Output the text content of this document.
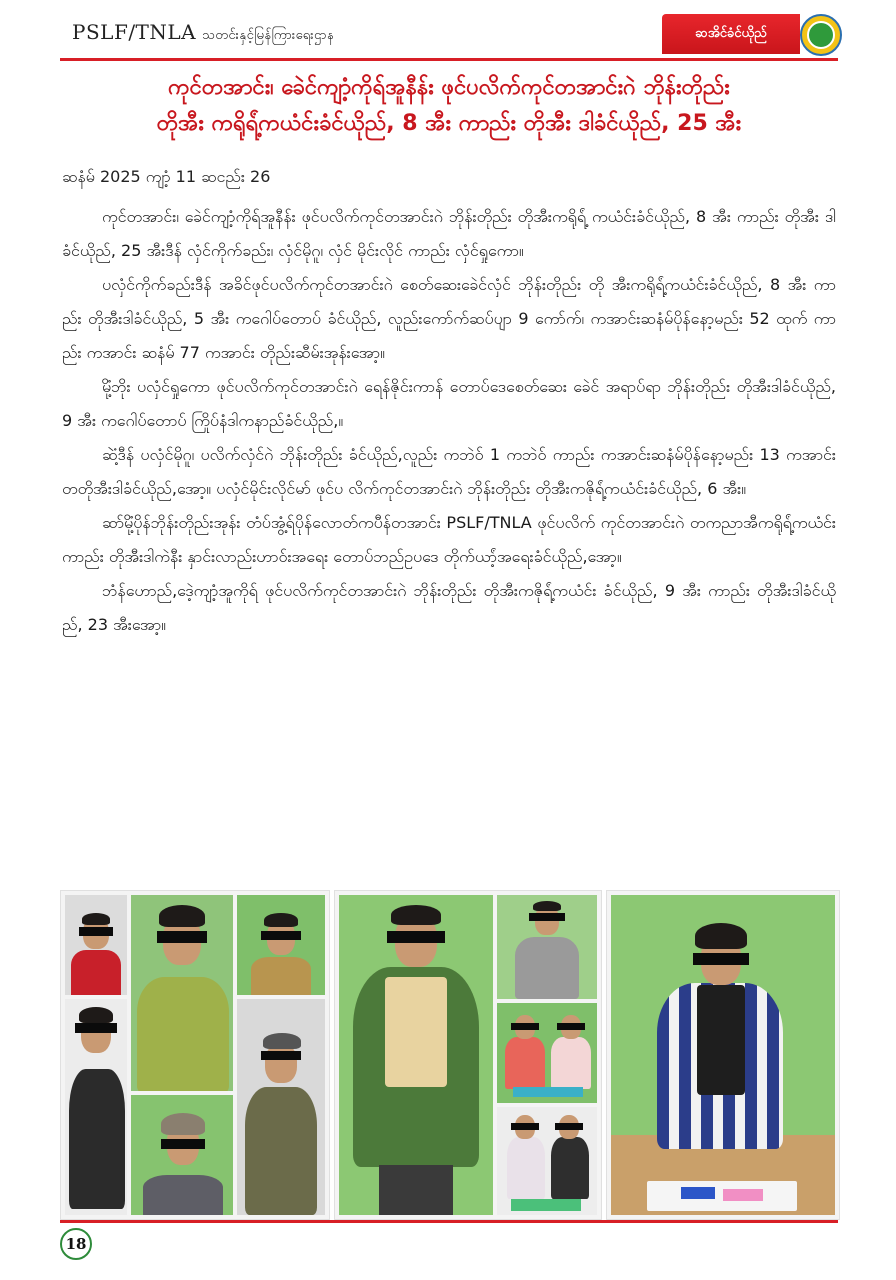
PSLF/TNLA သတင်းနှင့်မြန်ကြားရေးဌာန	ဆအိင်ခံင်ယိုည်
ကုင်တအာင်း၊ ခေဲင်ကျာံ့ကိုရ်အူနီန်း ဖုင်ပလိက်ကုင်တအာင်းဂဲ ဘိုန်းတိုည်း
တိုအီး ကရိုရ်ံ့ကယံင်းခံင်ယိုည်, 8 အီး ကာည်း တိုအီး ဒါခံင်ယိုည်, 25 အီး
ဆနံမ် 2025 ကျာံ့ 11 ဆင​ည်း 26

ကုင်တအာင်း၊ ခေဲင်ကျာံ့ကိုရ်အူနီန်း ဖုင်ပလိက်ကုင်တအာင်းဂဲ ဘိုန်းတိုည်း တိုအီးကရိုရ်ံ့ ကယံင်းခံင်ယိုည်, 8 အီး ကာည်း တိုအီး ဒါခံင်ယိုည်, 25 အီးဒီန် လှံင်ကိုက်ခည်း၊ လှံင်မိုဂူ၊ လှံင် မိုင်းလိုင် ကာည်း လှံင်ရှုကော။

ပလှံင်ကိုက်ခည်းဒီန် အခိင်ဖုင်ပလိက်ကုင်တအာင်းဂဲ စေတ်ဆေးခေဲင်လှံင် ဘိုန်းတိုည်း တို အီးကရိုရ်ံ့ကယံင်းခံင်ယိုည်, 8 အီး ကာည်း တိုအီးဒါခံင်ယိုည်, 5 အီး ကဂေါပ်တောပ် ခံင်ယိုည်, လူည်းကော်က်ဆပ်ပျာ 9 ကော်က်၊ ကအာင်းဆနံမ်ပိုန်နော့မည်း 52 ထုက် ကာည်း ကအာင်း ဆနံမ် 77 ကအာင်း တိုည်းဆီမ်းအုန်းအော့။

မိုံ့ဘိုး ပလှံင်ရှုကော ဖုင်ပလိက်ကုင်တအာင်းဂဲ ရေန်ဇိုင်းကာန် တောပ်ဒေစေတ်ဆေး ခေဲင် အရာပ်ရာ ဘိုန်းတိုည်း တိုအီးဒါခံင်ယိုည်, 9 အီး ကဂေါပ်တောပ် ကြိုပ်နံဒါကနာည်ခံင်ယိုည်,။

ဆဲံ့ဒီန် ပလှံင်မိုဂူ၊ ပလိက်လှံင်ဂဲ ဘိုန်းတိုည်း ခံင်ယိုည်,လူည်း ကဘဲဝ် 1 ကဘဲဝ် ကာည်း ကအာင်းဆနံမ်ပိုန်နော့မည်း 13 ကအာင်း တတိုအီးဒါခံင်ယိုည်,အော့။ ပလှံင်မိုင်းလိုင်မာ် ဖုင်ပ လိက်ကုင်တအာင်းဂဲ ဘိုန်းတိုည်း တိုအီးကဇိုရ်ံ့ကယံင်းခံင်ယိုည်, 6 အီး။

ဆာ်မိုံ့ပိုန်ဘိုန်းတိုည်းအုန်း တံပ်အွံ့ရ်ပိုန်လောတ်ကပီန်တအာင်း PSLF/TNLA ဖုင်ပလိက် ကုင်တအာင်းဂဲ တကညာအီကရိုရ်ံ့ကယံင်း ကာည်း တိုအီးဒါကဲနီး နှာင်းလာည်းဟာဝ်းအရေး တောပ်ဘည်ဥပဒေ တိုက်ယာ်ံ့အရေးခံင်ယိုည်,အော့။

ဘံန်ဟောည်,ဒေဲ့ကျာံ့အူကိုရ် ဖုင်ပလိက်ကုင်တအာင်းဂဲ ဘိုန်းတိုည်း တိုအီးကဇိုရ်ံ့ကယံင်း ခံင်ယိုည်, 9 အီး ကာည်း တိုအီးဒါခံင်ယိုည်, 23 အီးအော့။

18
